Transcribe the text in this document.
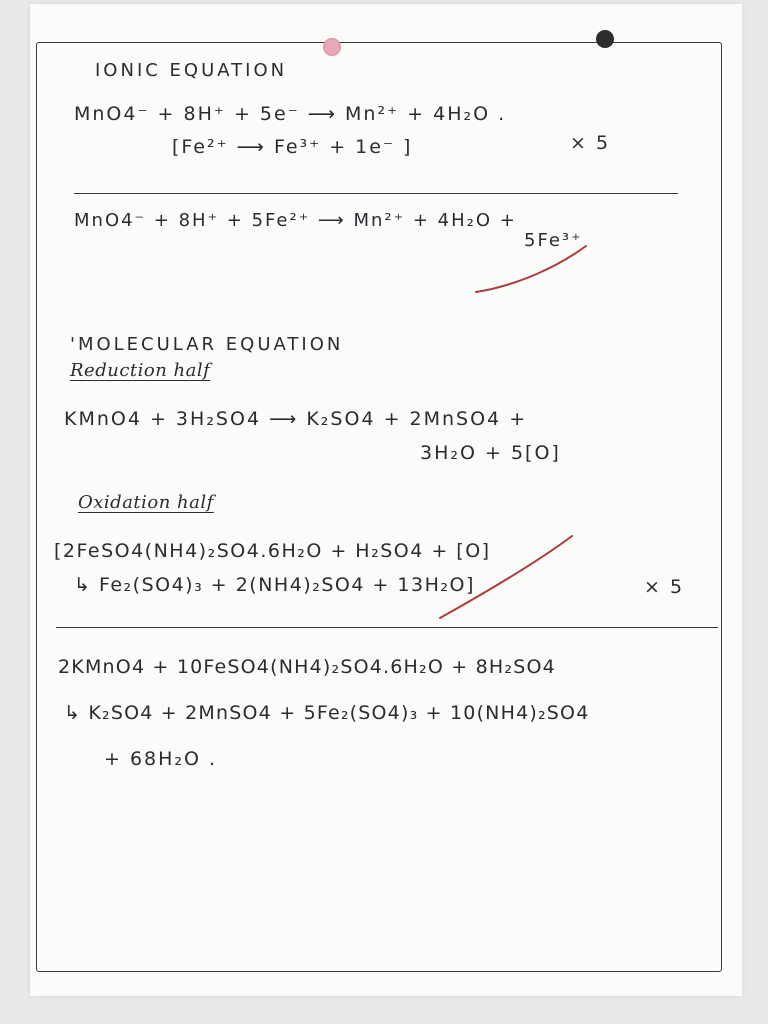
IONIC EQUATION
MnO4⁻ + 8H⁺ + 5e⁻ ⟶ Mn²⁺ + 4H₂O .
[Fe²⁺ ⟶ Fe³⁺ + 1e⁻ ]	× 5
MnO4⁻ + 8H⁺ + 5Fe²⁺ ⟶ Mn²⁺ + 4H₂O +
5Fe³⁺
'MOLECULAR EQUATION
Reduction half
KMnO4 + 3H₂SO4 ⟶ K₂SO4 + 2MnSO4 +
3H₂O + 5[O]
Oxidation half
[2FeSO4(NH4)₂SO4.6H₂O + H₂SO4 + [O]
↳ Fe₂(SO4)₃ + 2(NH4)₂SO4 + 13H₂O]	× 5
2KMnO4 + 10FeSO4(NH4)₂SO4.6H₂O + 8H₂SO4
↳ K₂SO4 + 2MnSO4 + 5Fe₂(SO4)₃ + 10(NH4)₂SO4
+ 68H₂O .
